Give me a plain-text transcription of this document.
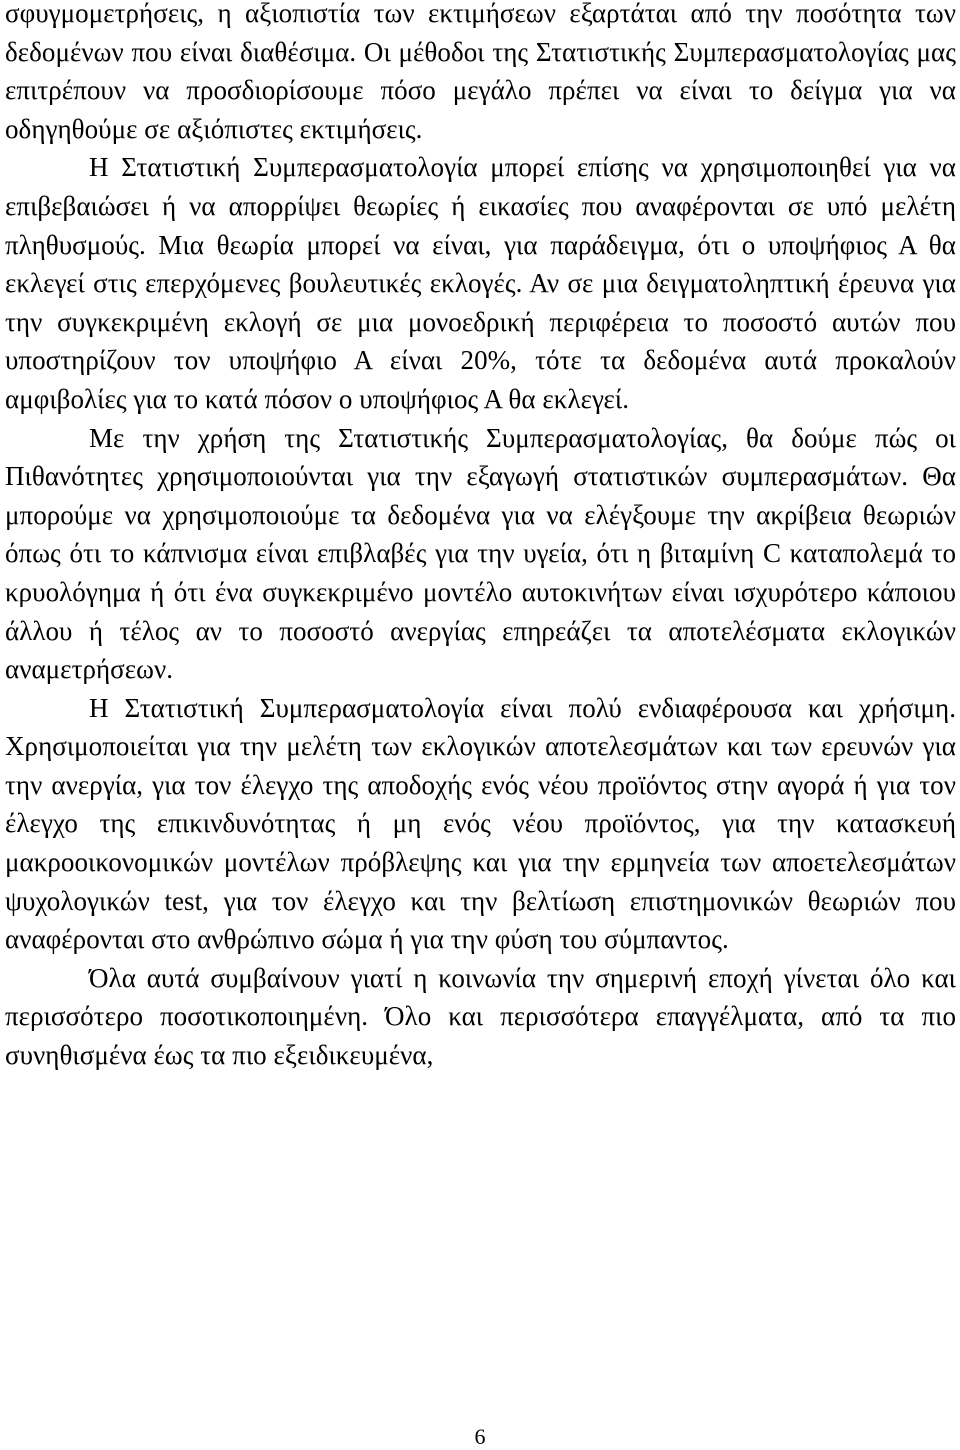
σφυγμομετρήσεις, η αξιοπιστία των εκτιμήσεων εξαρτάται από την ποσότητα των δεδομένων που είναι διαθέσιμα. Οι μέθοδοι της Στατιστικής Συμπερασματολογίας μας επιτρέπουν να προσδιορίσουμε πόσο μεγάλο πρέπει να είναι το δείγμα για να οδηγηθούμε σε αξιόπιστες εκτιμήσεις.

Η Στατιστική Συμπερασματολογία μπορεί επίσης να χρησιμοποιηθεί για να επιβεβαιώσει ή να απορρίψει θεωρίες ή εικασίες που αναφέρονται σε υπό μελέτη πληθυσμούς. Μια θεωρία μπορεί να είναι, για παράδειγμα, ότι ο υποψήφιος Α θα εκλεγεί στις επερχόμενες βουλευτικές εκλογές. Αν σε μια δειγματοληπτική έρευνα για την συγκεκριμένη εκλογή σε μια μονοεδρική περιφέρεια το ποσοστό αυτών που υποστηρίζουν τον υποψήφιο Α είναι 20%, τότε τα δεδομένα αυτά προκαλούν αμφιβολίες για το κατά πόσον ο υποψήφιος Α θα εκλεγεί.

Με την χρήση της Στατιστικής Συμπερασματολογίας, θα δούμε πώς οι Πιθανότητες χρησιμοποιούνται για την εξαγωγή στατιστικών συμπερασμάτων. Θα μπορούμε να χρησιμοποιούμε τα δεδομένα για να ελέγξουμε την ακρίβεια θεωριών όπως ότι το κάπνισμα είναι επιβλαβές για την υγεία, ότι η βιταμίνη C καταπολεμά το κρυολόγημα ή ότι ένα συγκεκριμένο μοντέλο αυτοκινήτων είναι ισχυρότερο κάποιου άλλου ή τέλος αν το ποσοστό ανεργίας επηρεάζει τα αποτελέσματα εκλογικών αναμετρήσεων.

Η Στατιστική Συμπερασματολογία είναι πολύ ενδιαφέρουσα και χρήσιμη. Χρησιμοποιείται για την μελέτη των εκλογικών αποτελεσμάτων και των ερευνών για την ανεργία, για τον έλεγχο της αποδοχής ενός νέου προϊόντος στην αγορά ή για τον έλεγχο της επικινδυνότητας ή μη ενός νέου προϊόντος, για την κατασκευή μακροοικονομικών μοντέλων πρόβλεψης και για την ερμηνεία των αποετελεσμάτων ψυχολογικών test, για τον έλεγχο και την βελτίωση επιστημονικών θεωριών που αναφέρονται στο ανθρώπινο σώμα ή για την φύση του σύμπαντος.

Όλα αυτά συμβαίνουν γιατί η κοινωνία την σημερινή εποχή γίνεται όλο και περισσότερο ποσοτικοποιημένη. Όλο και περισσότερα επαγγέλματα, από τα πιο συνηθισμένα έως τα πιο εξειδικευμένα,

6
